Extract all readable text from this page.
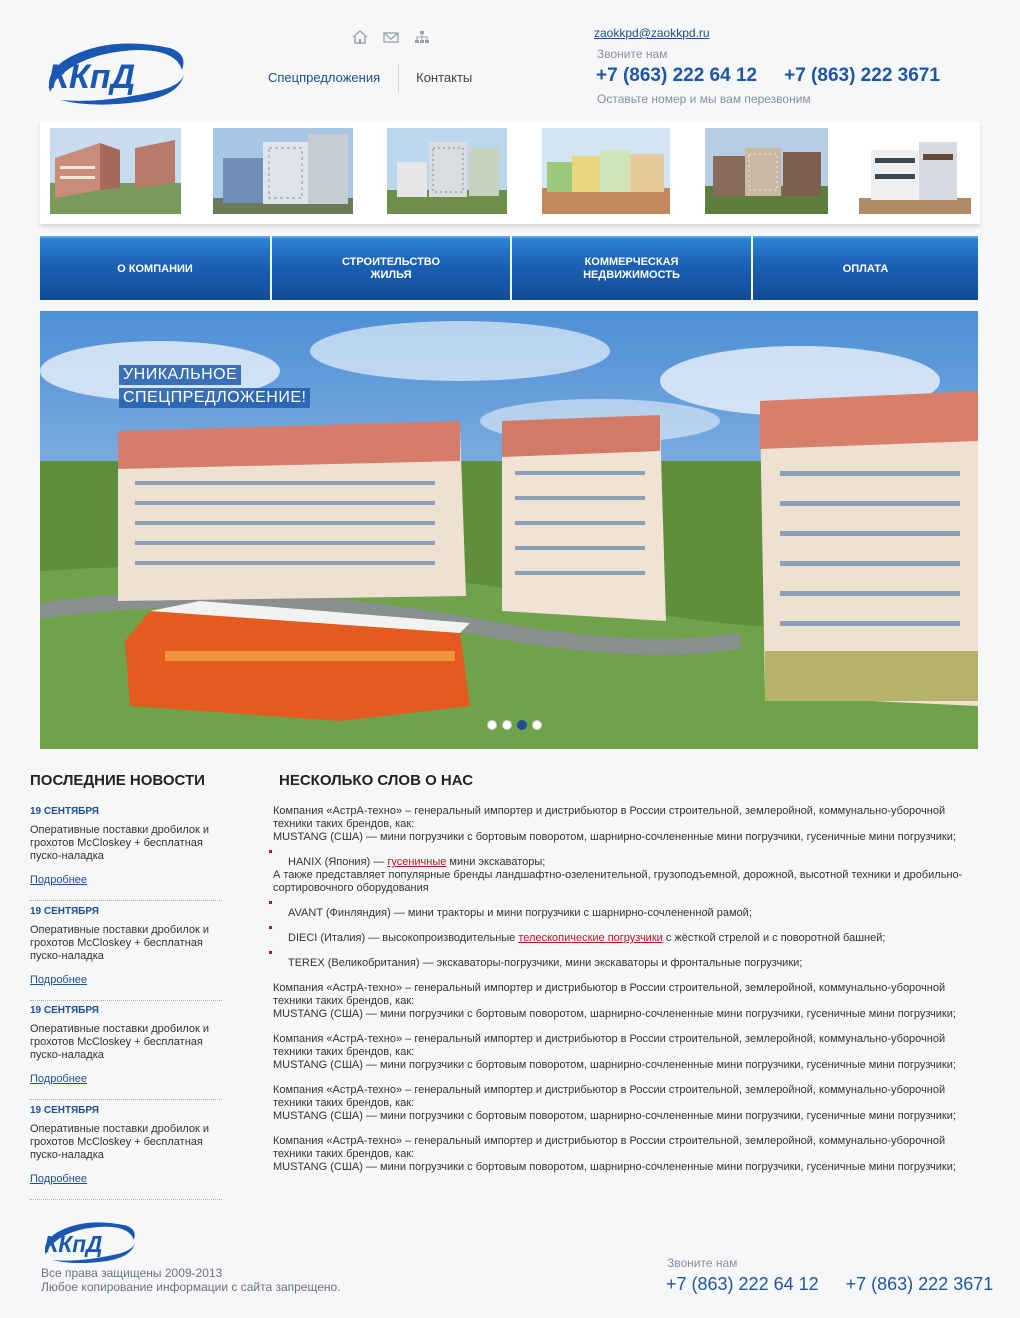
ККпД	Спецпредложения	Контакты
zaokkpd@zaokkpd.ru
Звоните нам
+7 (863) 222 64 12 +7 (863) 222 3671
Оставьте номер и мы вам перезвоним
О КОМПАНИИ
СТРОИТЕЛЬСТВО ЖИЛЬЯ
КОММЕРЧЕСКАЯ НЕДВИЖИМОСТЬ
ОПЛАТА
УНИКАЛЬНОЕ
СПЕЦПРЕДЛОЖЕНИЕ!
ПОСЛЕДНИЕ НОВОСТИ
19 СЕНТЯБРЯ
Оперативные поставки дробилок и грохотов McCloskey + бесплатная пуско-наладка
Подробнее
19 СЕНТЯБРЯ
Оперативные поставки дробилок и грохотов McCloskey + бесплатная пуско-наладка
Подробнее
19 СЕНТЯБРЯ
Оперативные поставки дробилок и грохотов McCloskey + бесплатная пуско-наладка
Подробнее
19 СЕНТЯБРЯ
Оперативные поставки дробилок и грохотов McCloskey + бесплатная пуско-наладка
Подробнее
НЕСКОЛЬКО СЛОВ О НАС

Компания «АстрА-техно» – генеральный импортер и дистрибьютор в России строительной, землеройной, коммунально-уборочной техники таких брендов, как:
MUSTANG (США) — мини погрузчики с бортовым поворотом, шарнирно-сочлененные мини погрузчики, гусеничные мини погрузчики;

HANIX (Япония) — гусеничные мини экскаваторы;

А также представляет популярные бренды ландшафтно-озеленительной, грузоподъемной, дорожной, высотной техники и дробильно-сортировочного оборудования

AVANT (Финляндия) — мини тракторы и мини погрузчики с шарнирно-сочлененной рамой;
DIECI (Италия) — высокопроизводительные телескопические погрузчики с жёсткой стрелой и с поворотной башней;
TEREX (Великобритания) — экскаваторы-погрузчики, мини экскаваторы и фронтальные погрузчики;

Компания «АстрА-техно» – генеральный импортер и дистрибьютор в России строительной, землеройной, коммунально-уборочной техники таких брендов, как:
MUSTANG (США) — мини погрузчики с бортовым поворотом, шарнирно-сочлененные мини погрузчики, гусеничные мини погрузчики;

Компания «АстрА-техно» – генеральный импортер и дистрибьютор в России строительной, землеройной, коммунально-уборочной техники таких брендов, как:
MUSTANG (США) — мини погрузчики с бортовым поворотом, шарнирно-сочлененные мини погрузчики, гусеничные мини погрузчики;

Компания «АстрА-техно» – генеральный импортер и дистрибьютор в России строительной, землеройной, коммунально-уборочной техники таких брендов, как:
MUSTANG (США) — мини погрузчики с бортовым поворотом, шарнирно-сочлененные мини погрузчики, гусеничные мини погрузчики;

Компания «АстрА-техно» – генеральный импортер и дистрибьютор в России строительной, землеройной, коммунально-уборочной техники таких брендов, как:
MUSTANG (США) — мини погрузчики с бортовым поворотом, шарнирно-сочлененные мини погрузчики, гусеничные мини погрузчики;

ККпД
Все права защищены 2009-2013
Любое копирование информации с сайта запрещено.
Звоните нам
+7 (863) 222 64 12 +7 (863) 222 3671
